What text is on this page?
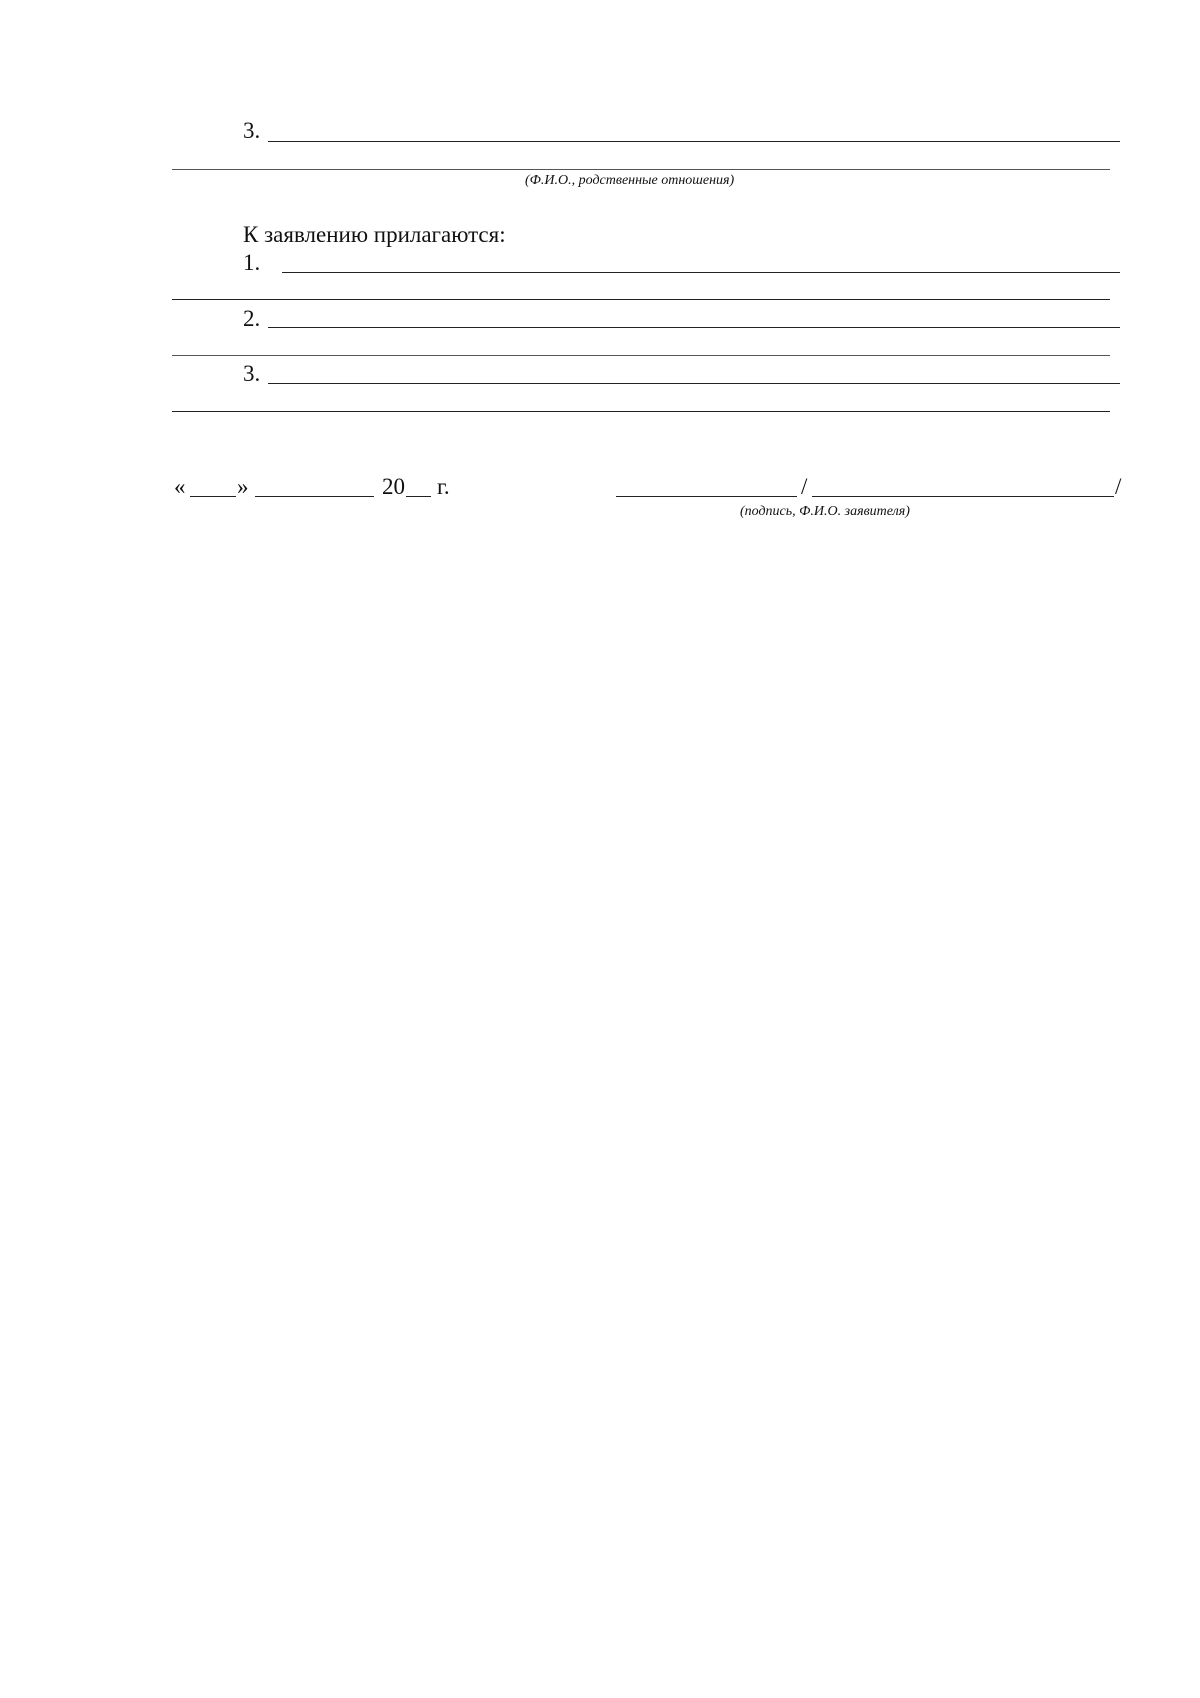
3.
(Ф.И.О., родственные отношения)
К заявлению прилагаются:
1.
2.
3.
« »	20 г.	/	/
(подпись, Ф.И.О. заявителя)
